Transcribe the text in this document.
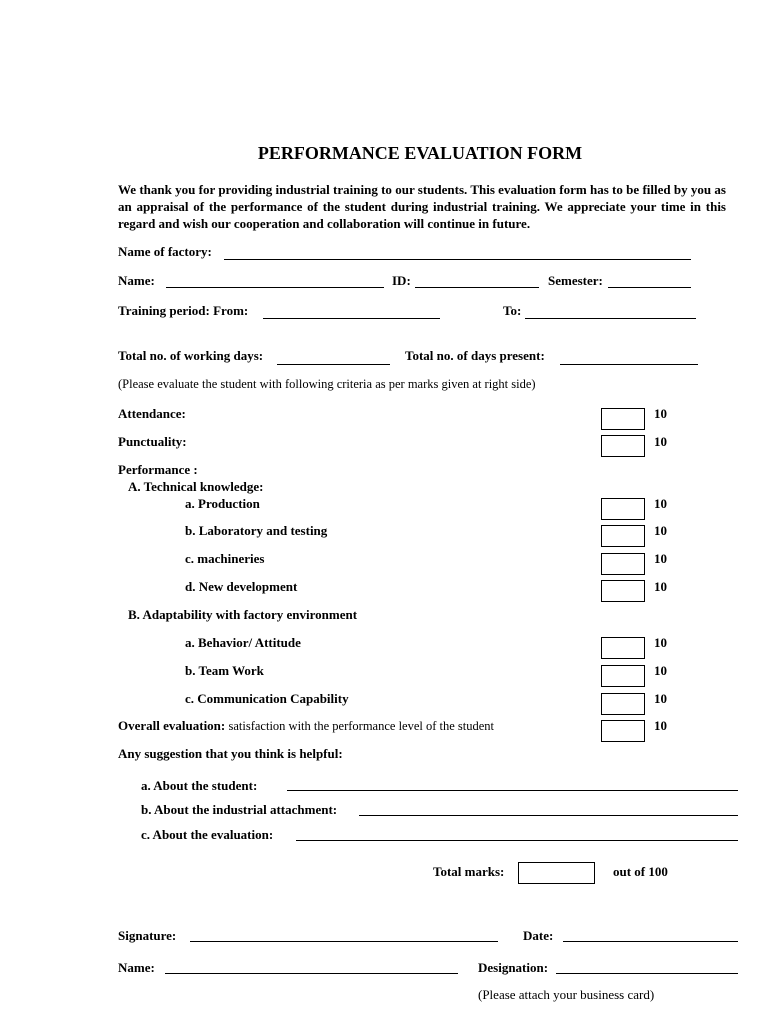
PERFORMANCE EVALUATION FORM
We thank you for providing industrial training to our students. This evaluation form has to be filled by you as an appraisal of the performance of the student during industrial training. We appreciate your time in this regard and wish our cooperation and collaboration will continue in future.
Name of factory:
Name:	ID:	Semester:
Training period: From:	To:
Total no. of working days:	Total no. of days present:
(Please evaluate the student with following criteria as per marks given at right side)
Attendance:	10
Punctuality:	10
Performance :
A. Technical knowledge:
a. Production	10
b. Laboratory and testing	10
c. machineries	10
d. New development	10
B. Adaptability with factory environment
a. Behavior/ Attitude	10
b. Team Work	10
c. Communication Capability	10
Overall evaluation: satisfaction with the performance level of the student	10
Any suggestion that you think is helpful:
a. About the student:
b. About the industrial attachment:
c. About the evaluation:
Total marks:	out of 100
Signature:	Date:
Name:	Designation:
(Please attach your business card)
